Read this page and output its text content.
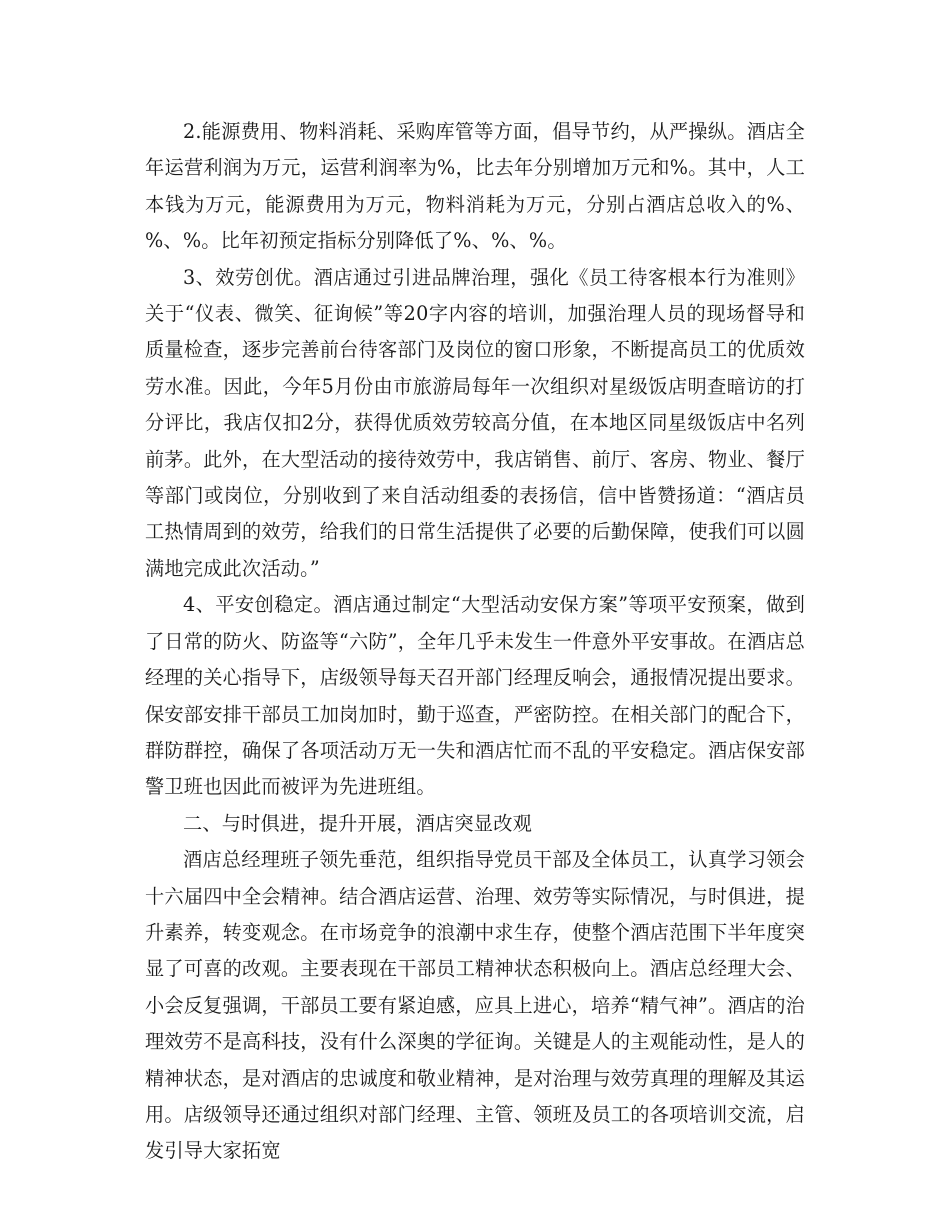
2.能源费用、物料消耗、采购库管等方面，倡导节约，从严操纵。酒店全年运营利润为万元，运营利润率为%，比去年分别增加万元和%。其中，人工本钱为万元，能源费用为万元，物料消耗为万元，分别占酒店总收入的%、%、%。比年初预定指标分别降低了%、%、%。

3、效劳创优。酒店通过引进品牌治理，强化《员工待客根本行为准则》关于“仪表、微笑、征询候”等20字内容的培训，加强治理人员的现场督导和质量检查，逐步完善前台待客部门及岗位的窗口形象，不断提高员工的优质效劳水准。因此，今年5月份由市旅游局每年一次组织对星级饭店明查暗访的打分评比，我店仅扣2分，获得优质效劳较高分值，在本地区同星级饭店中名列前茅。此外，在大型活动的接待效劳中，我店销售、前厅、客房、物业、餐厅等部门或岗位，分别收到了来自活动组委的表扬信，信中皆赞扬道：“酒店员工热情周到的效劳，给我们的日常生活提供了必要的后勤保障，使我们可以圆满地完成此次活动。”

4、平安创稳定。酒店通过制定“大型活动安保方案”等项平安预案，做到了日常的防火、防盗等“六防”，全年几乎未发生一件意外平安事故。在酒店总经理的关心指导下，店级领导每天召开部门经理反响会，通报情况提出要求。保安部安排干部员工加岗加时，勤于巡查，严密防控。在相关部门的配合下，群防群控，确保了各项活动万无一失和酒店忙而不乱的平安稳定。酒店保安部警卫班也因此而被评为先进班组。

二、与时俱进，提升开展，酒店突显改观

酒店总经理班子领先垂范，组织指导党员干部及全体员工，认真学习领会十六届四中全会精神。结合酒店运营、治理、效劳等实际情况，与时俱进，提升素养，转变观念。在市场竞争的浪潮中求生存，使整个酒店范围下半年度突显了可喜的改观。主要表现在干部员工精神状态积极向上。酒店总经理大会、小会反复强调，干部员工要有紧迫感，应具上进心，培养“精气神”。酒店的治理效劳不是高科技，没有什么深奥的学征询。关键是人的主观能动性，是人的精神状态，是对酒店的忠诚度和敬业精神，是对治理与效劳真理的理解及其运用。店级领导还通过组织对部门经理、主管、领班及员工的各项培训交流，启发引导大家拓宽
